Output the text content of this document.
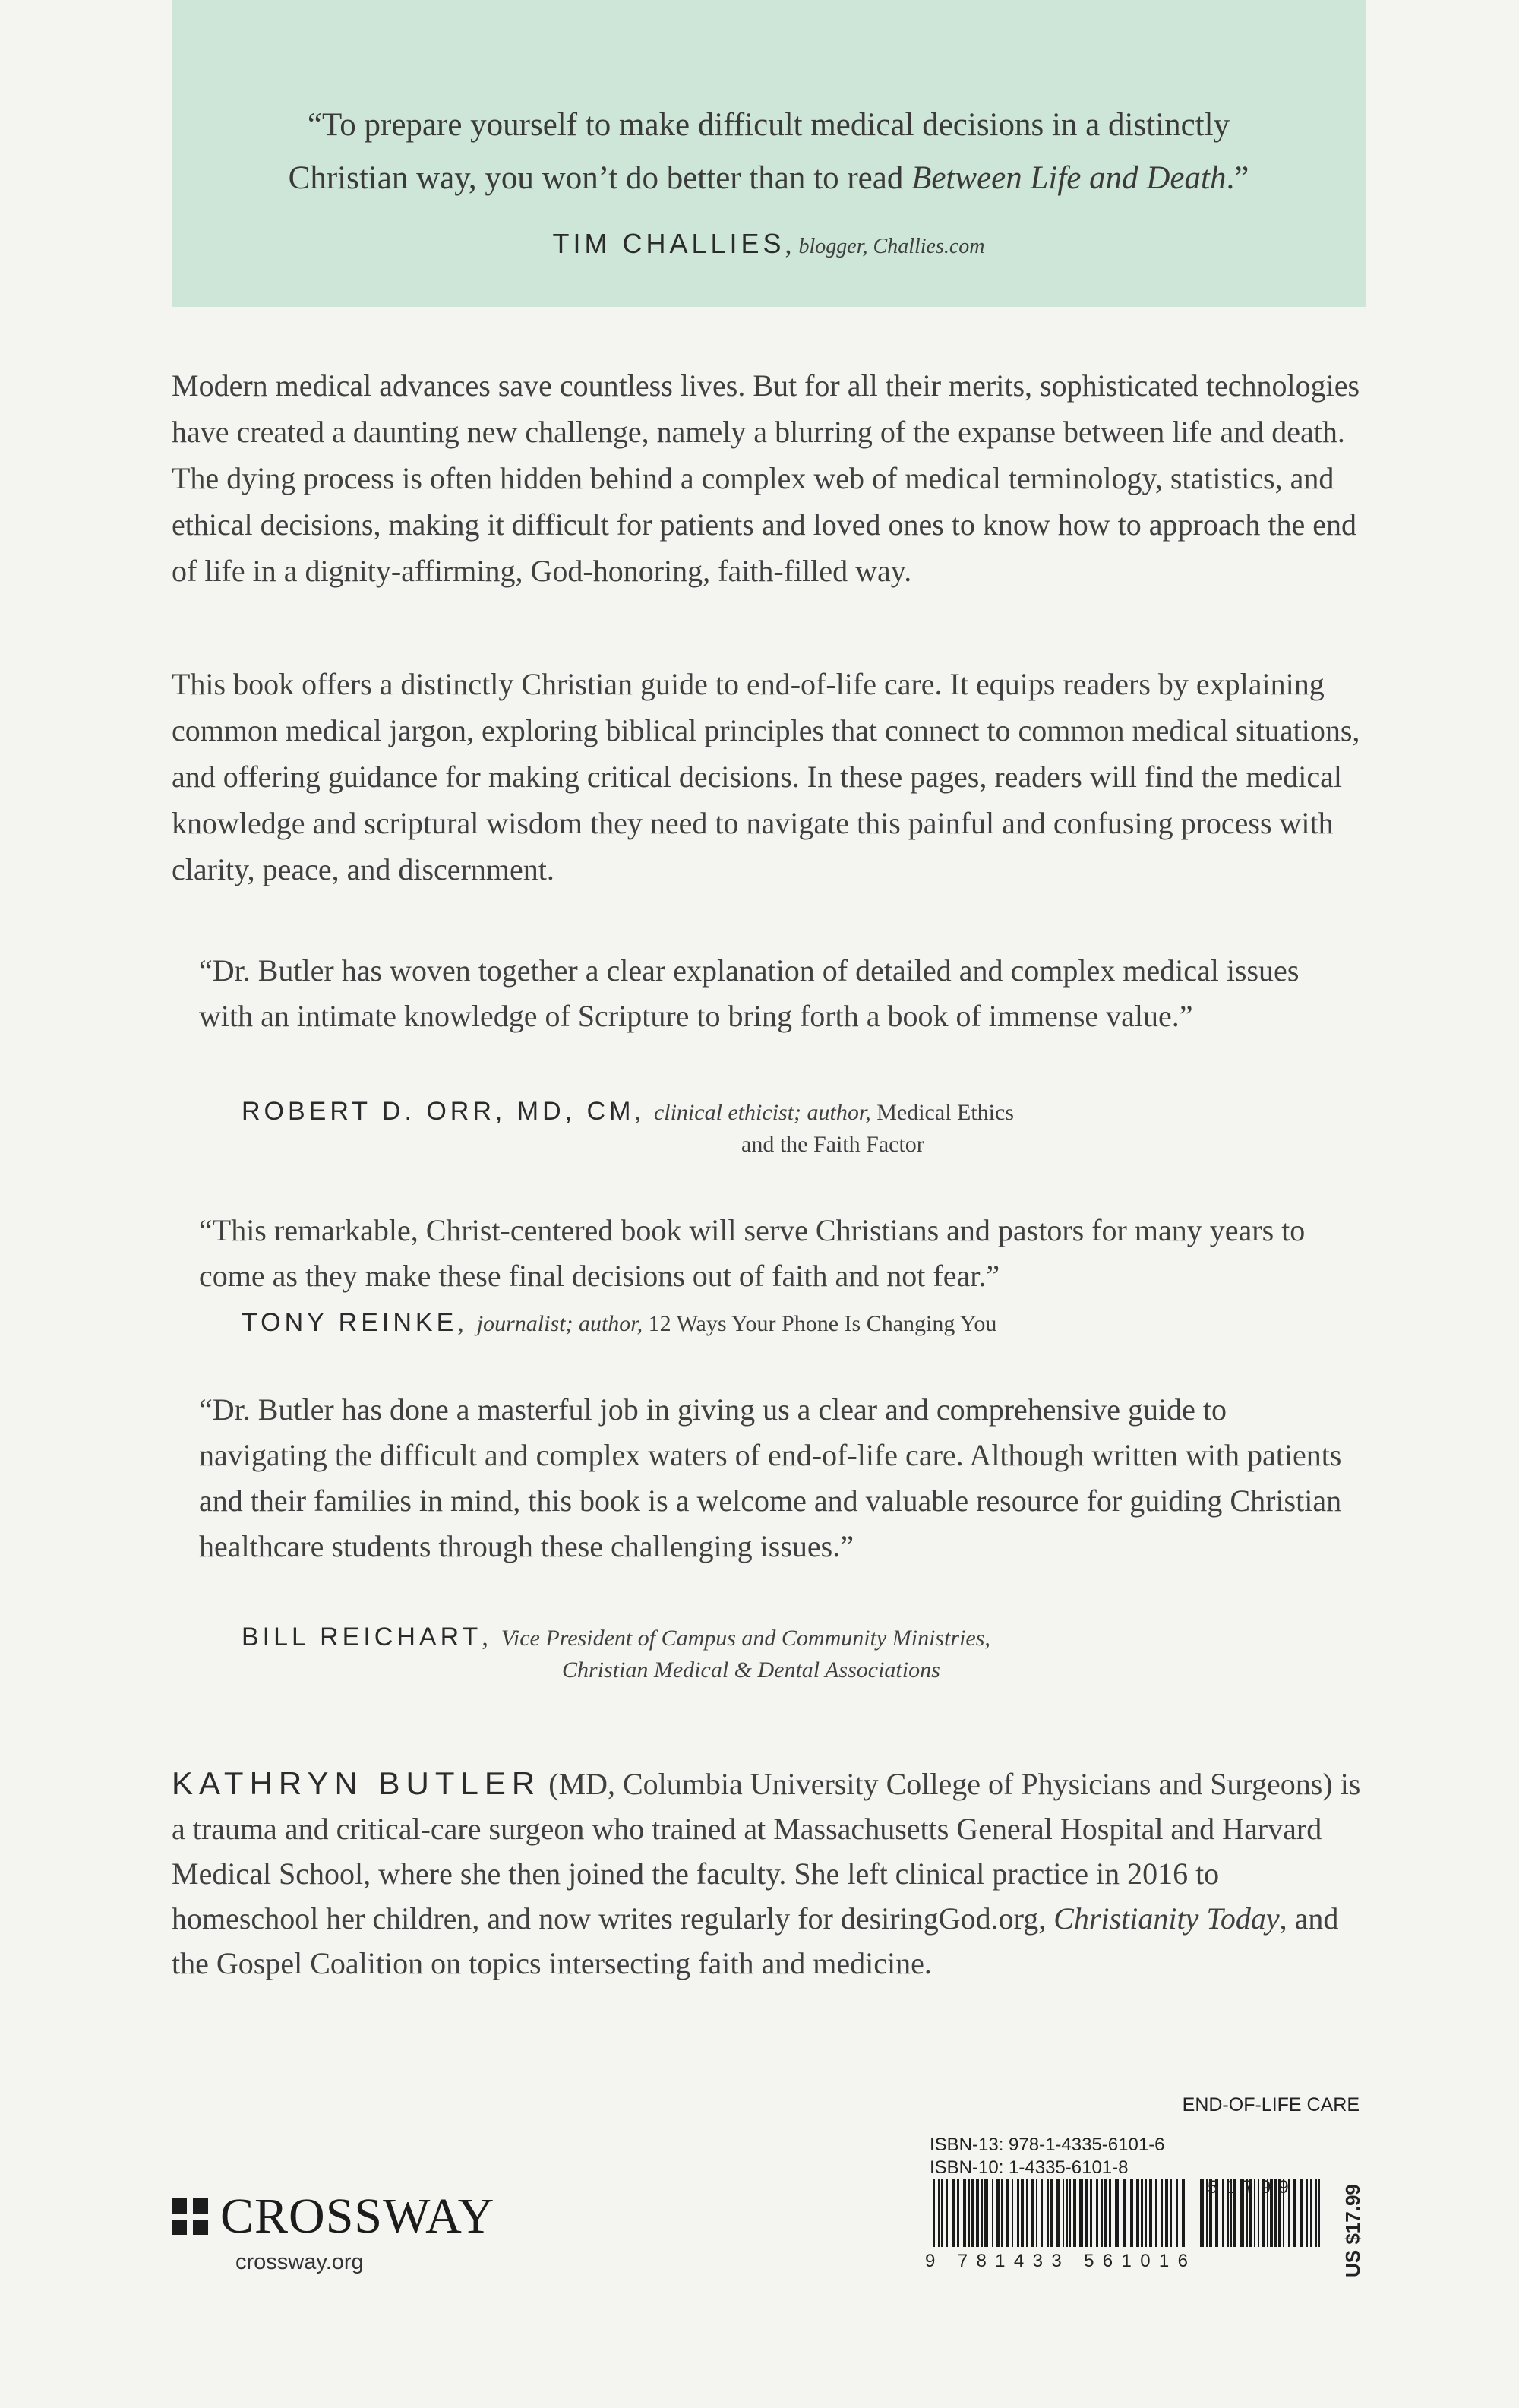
“To prepare yourself to make difficult medical decisions in a distinctly
Christian way, you won’t do better than to read Between Life and Death.”
TIM CHALLIES, blogger, Challies.com

Modern medical advances save countless lives. But for all their merits, sophisticated technologies have created a daunting new challenge, namely a blurring of the expanse between life and death. The dying process is often hidden behind a complex web of medical terminology, statistics, and ethical decisions, making it difficult for patients and loved ones to know how to approach the end of life in a dignity-affirming, God-honoring, faith-filled way.

This book offers a distinctly Christian guide to end-of-life care. It equips readers by explaining common medical jargon, exploring biblical principles that connect to common medical situations, and offering guidance for making critical decisions. In these pages, readers will find the medical knowledge and scriptural wisdom they need to navigate this painful and confusing process with clarity, peace, and discernment.

“Dr. Butler has woven together a clear explanation of detailed and complex medical issues with an intimate knowledge of Scripture to bring forth a book of immense value.”

ROBERT D. ORR, MD, CM,  clinical ethicist; author, Medical Ethics
and the Faith Factor

“This remarkable, Christ-centered book will serve Christians and pastors for many years to come as they make these final decisions out of faith and not fear.”

TONY REINKE,  journalist; author, 12 Ways Your Phone Is Changing You

“Dr. Butler has done a masterful job in giving us a clear and comprehensive guide to navigating the difficult and complex waters of end-of-life care. Although written with patients and their families in mind, this book is a welcome and valuable resource for guiding Christian healthcare students through these challenging issues.”

BILL REICHART,  Vice President of Campus and Community Ministries,
Christian Medical & Dental Associations

KATHRYN BUTLER (MD, Columbia University College of Physicians and Surgeons) is a trauma and critical-care surgeon who trained at Massachusetts General Hospital and Harvard Medical School, where she then joined the faculty. She left clinical practice in 2016 to homeschool her children, and now writes regularly for desiringGod.org, Christianity Today, and the Gospel Coalition on topics intersecting faith and medicine.

END-OF-LIFE CARE
ISBN-13: 978-1-4335-6101-6
ISBN-10: 1-4335-6101-8
9 781433 561016
51799 US $17.99
CROSSWAY
crossway.org
